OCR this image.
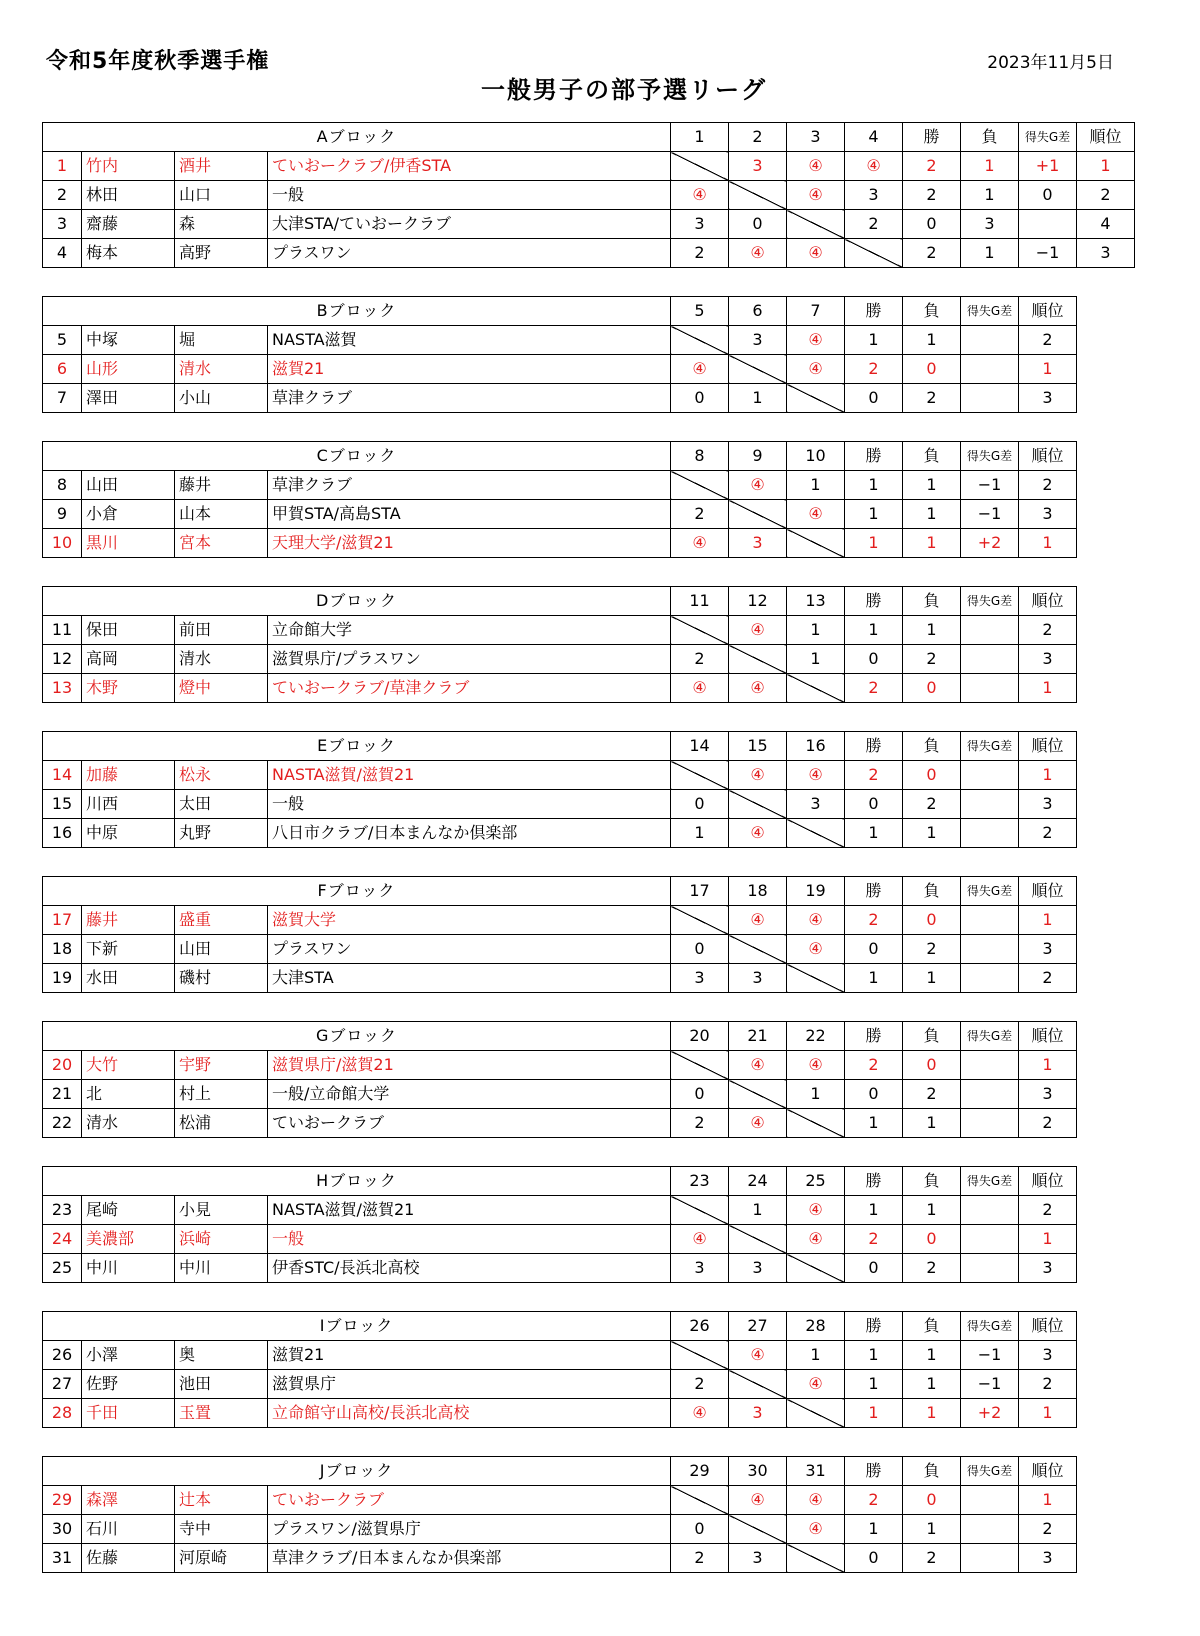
令和5年度秋季選手権	2023年11月5日
一般男子の部予選リーグ
Aブロック				1	2	3	4	勝	負	得失G差	順位
1	竹内	酒井	ていおークラブ/伊香STA		3	④	④	2	1	+1	1
2	林田	山口	一般	④		④	3	2	1	0	2
3	齋藤	森	大津STA/ていおークラブ	3	0		2	0	3		4
4	梅本	高野	プラスワン	2	④	④		2	1	−1	3
Bブロック				5	6	7	勝	負	得失G差	順位
5	中塚	堀	NASTA滋賀		3	④	1	1		2
6	山形	清水	滋賀21	④		④	2	0		1
7	澤田	小山	草津クラブ	0	1		0	2		3
Cブロック				8	9	10	勝	負	得失G差	順位
8	山田	藤井	草津クラブ		④	1	1	1	−1	2
9	小倉	山本	甲賀STA/高島STA	2		④	1	1	−1	3
10	黒川	宮本	天理大学/滋賀21	④	3		1	1	+2	1
Dブロック				11	12	13	勝	負	得失G差	順位
11	保田	前田	立命館大学		④	1	1	1		2
12	高岡	清水	滋賀県庁/プラスワン	2		1	0	2		3
13	木野	燈中	ていおークラブ/草津クラブ	④	④		2	0		1
Eブロック				14	15	16	勝	負	得失G差	順位
14	加藤	松永	NASTA滋賀/滋賀21		④	④	2	0		1
15	川西	太田	一般	0		3	0	2		3
16	中原	丸野	八日市クラブ/日本まんなか倶楽部	1	④		1	1		2
Fブロック				17	18	19	勝	負	得失G差	順位
17	藤井	盛重	滋賀大学		④	④	2	0		1
18	下新	山田	プラスワン	0		④	0	2		3
19	水田	磯村	大津STA	3	3		1	1		2
Gブロック				20	21	22	勝	負	得失G差	順位
20	大竹	宇野	滋賀県庁/滋賀21		④	④	2	0		1
21	北	村上	一般/立命館大学	0		1	0	2		3
22	清水	松浦	ていおークラブ	2	④		1	1		2
Hブロック				23	24	25	勝	負	得失G差	順位
23	尾崎	小見	NASTA滋賀/滋賀21		1	④	1	1		2
24	美濃部	浜崎	一般	④		④	2	0		1
25	中川	中川	伊香STC/長浜北高校	3	3		0	2		3
Iブロック				26	27	28	勝	負	得失G差	順位
26	小澤	奥	滋賀21		④	1	1	1	−1	3
27	佐野	池田	滋賀県庁	2		④	1	1	−1	2
28	千田	玉置	立命館守山高校/長浜北高校	④	3		1	1	+2	1
Jブロック				29	30	31	勝	負	得失G差	順位
29	森澤	辻本	ていおークラブ		④	④	2	0		1
30	石川	寺中	プラスワン/滋賀県庁	0		④	1	1		2
31	佐藤	河原崎	草津クラブ/日本まんなか倶楽部	2	3		0	2		3
